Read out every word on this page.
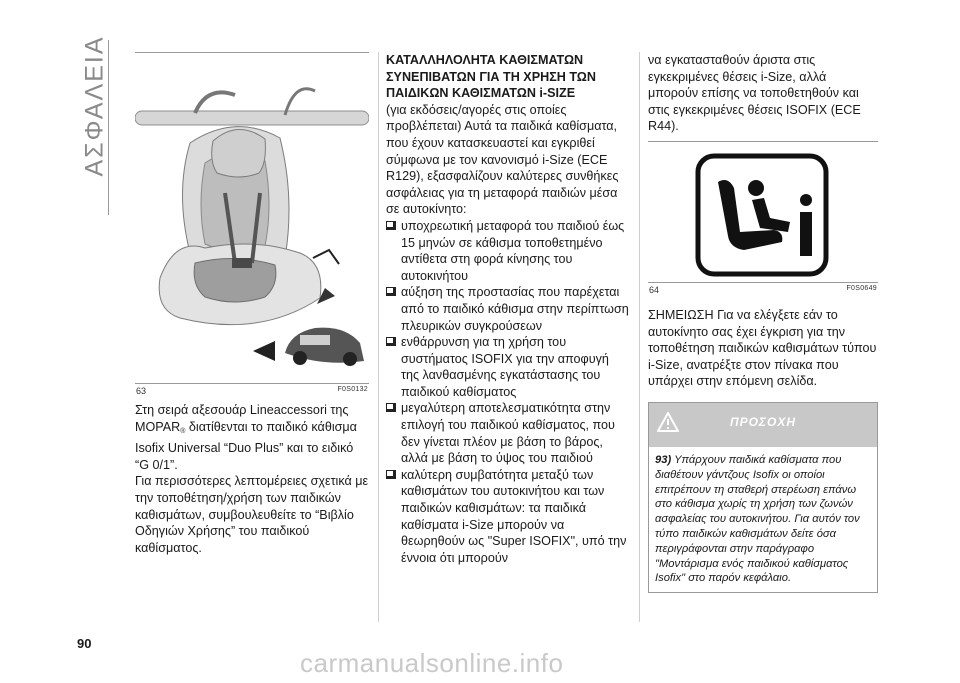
ΑΣΦΑΛΕΙΑ
63	F0S0132

Στη σειρά αξεσουάρ Lineaccessori της $MOPAR_®$ διατίθενται το παιδικό κάθισμα Isofix Universal “Duo Plus” και το ειδικό “G 0/1”.

Για περισσότερες λεπτομέρειες σχετικά με την τοποθέτηση/χρήση των παιδικών καθισμάτων, συμβουλευθείτε το “Βιβλίο Οδηγιών Χρήσης” του παιδικού καθίσματος.

ΚΑΤΑΛΛΗΛΟΛΗΤΑ ΚΑΘΙΣΜΑΤΩΝ ΣΥΝΕΠΙΒΑΤΩΝ ΓΙΑ ΤΗ ΧΡΗΣΗ ΤΩΝ ΠΑΙΔΙΚΩΝ ΚΑΘΙΣΜΑΤΩΝ i-SIZE

(για εκδόσεις/αγορές στις οποίες προβλέπεται) Αυτά τα παιδικά καθίσματα, που έχουν κατασκευαστεί και εγκριθεί σύμφωνα με τον κανονισμό i-Size (ECE R129), εξασφαλίζουν καλύτερες συνθήκες ασφάλειας για τη μεταφορά παιδιών μέσα σε αυτοκίνητο:

υποχρεωτική μεταφορά του παιδιού έως 15 μηνών σε κάθισμα τοποθετημένο αντίθετα στη φορά κίνησης του αυτοκινήτου
αύξηση της προστασίας που παρέχεται από το παιδικό κάθισμα στην περίπτωση πλευρικών συγκρούσεων
ενθάρρυνση για τη χρήση του συστήματος ISOFIX για την αποφυγή της λανθασμένης εγκατάστασης του παιδικού καθίσματος
μεγαλύτερη αποτελεσματικότητα στην επιλογή του παιδικού καθίσματος, που δεν γίνεται πλέον με βάση το βάρος, αλλά με βάση το ύψος του παιδιού
καλύτερη συμβατότητα μεταξύ των καθισμάτων του αυτοκινήτου και των παιδικών καθισμάτων: τα παιδικά καθίσματα i-Size μπορούν να θεωρηθούν ως "Super ISOFIX", υπό την έννοια ότι μπορούν

να εγκατασταθούν άριστα στις εγκεκριμένες θέσεις i-Size, αλλά μπορούν επίσης να τοποθετηθούν και στις εγκεκριμένες θέσεις ISOFIX (ECE R44).

64	F0S0649

ΣΗΜΕΙΩΣΗ Για να ελέγξετε εάν το αυτοκίνητο σας έχει έγκριση για την τοποθέτηση παιδικών καθισμάτων τύπου i-Size, ανατρέξτε στον πίνακα που υπάρχει στην επόμενη σελίδα.

ΠΡΟΣΟΧΗ
93) Υπάρχουν παιδικά καθίσματα που διαθέτουν γάντζους Isofix οι οποίοι επιτρέπουν τη σταθερή στερέωση επάνω στο κάθισμα χωρίς τη χρήση των ζωνών ασφαλείας του αυτοκινήτου. Για αυτόν τον τύπο παιδικών καθισμάτων δείτε όσα περιγράφονται στην παράγραφο "Μοντάρισμα ενός παιδικού καθίσματος Isofix" στο παρόν κεφάλαιο.
90
carmanualsonline.info
